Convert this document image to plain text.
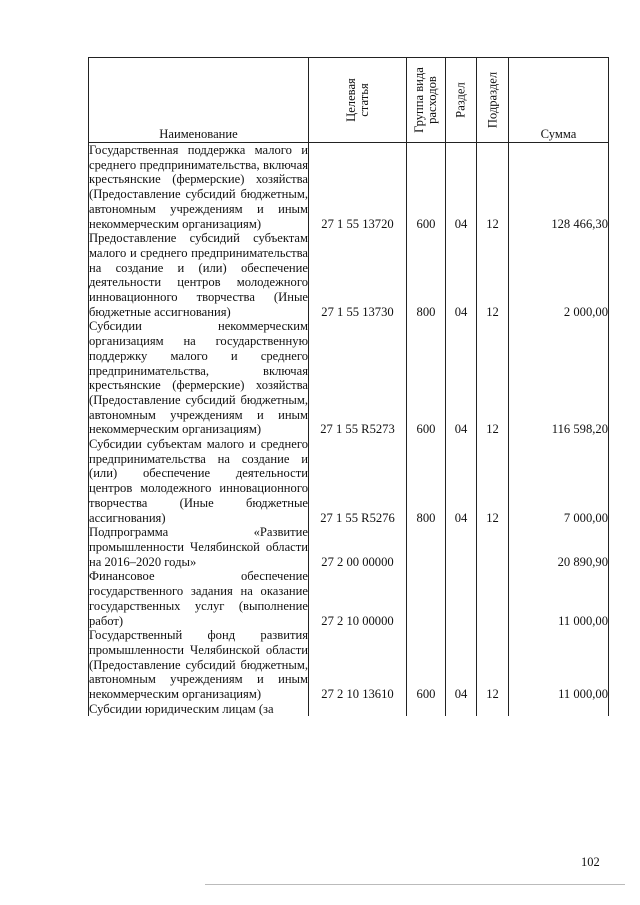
Наименование	Целевая статья	Группа вида расходов	Раздел	Подраздел	Сумма
Государственная поддержка малого и среднего предпринимательства, включая крестьянские (фермерские) хозяйства (Предоставление субсидий бюджетным, автономным учреждениям и иным некоммерческим организациям)	27 1 55 13720	600	04	12	128 466,30
Предоставление субсидий субъектам малого и среднего предпринимательства на создание и (или) обеспечение деятельности центров молодежного инновационного творчества (Иные бюджетные ассигнования)	27 1 55 13730	800	04	12	2 000,00
Субсидии некоммерческим организациям на государственную поддержку малого и среднего предпринимательства, включая крестьянские (фермерские) хозяйства (Предоставление субсидий бюджетным, автономным учреждениям и иным некоммерческим организациям)	27 1 55 R5273	600	04	12	116 598,20
Субсидии субъектам малого и среднего предпринимательства на создание и (или) обеспечение деятельности центров молодежного инновационного творчества (Иные бюджетные ассигнования)	27 1 55 R5276	800	04	12	7 000,00
Подпрограмма «Развитие промышленности Челябинской области на 2016–2020 годы»	27 2 00 00000				20 890,90
Финансовое обеспечение государственного задания на оказание государственных услуг (выполнение работ)	27 2 10 00000				11 000,00
Государственный фонд развития промышленности Челябинской области (Предоставление субсидий бюджетным, автономным учреждениям и иным некоммерческим организациям)	27 2 10 13610	600	04	12	11 000,00
Субсидии юридическим лицам (за					
102
